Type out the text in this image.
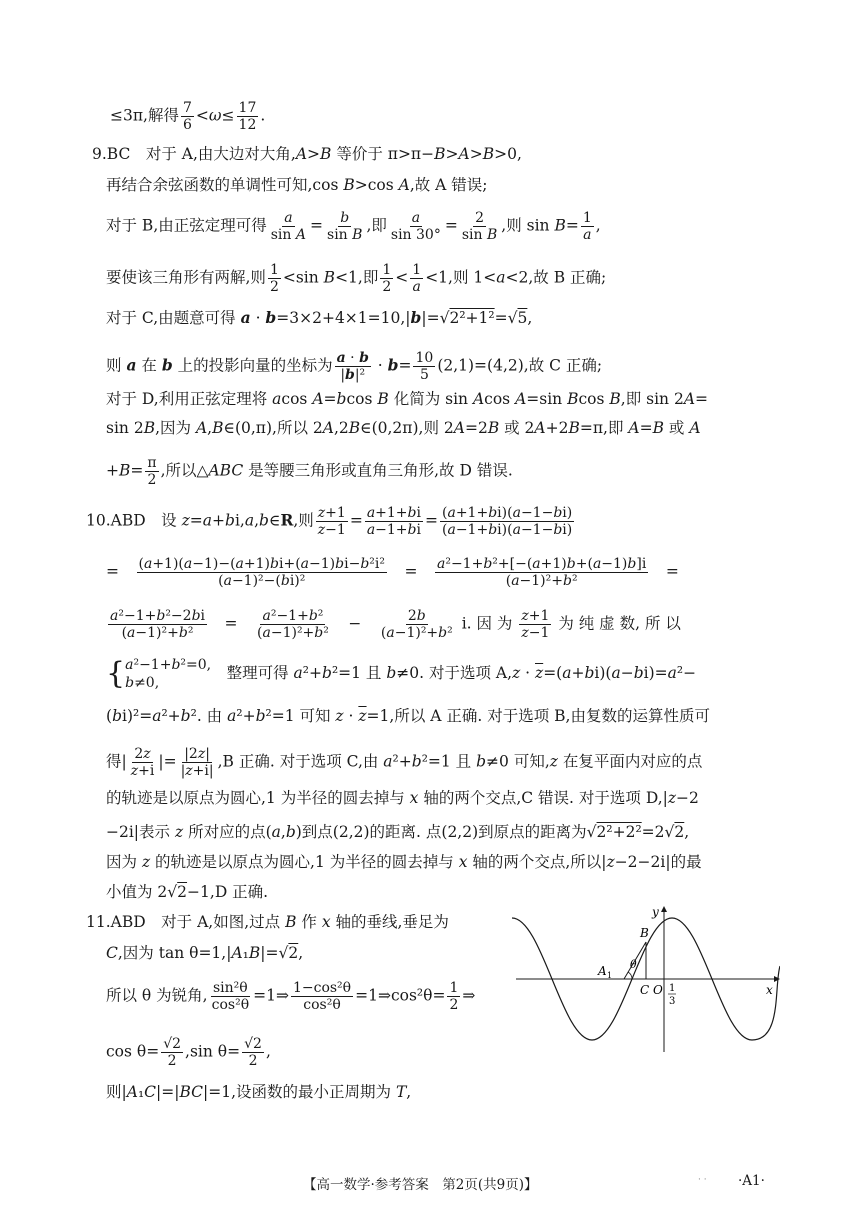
≤3π,解得 $\frac{7}{6} <\omega\le \frac{17}{12}$ .
9.BC　对于 A,由大边对大角,A>B 等价于 π>π−B>A>B>0,
再结合余弦函数的单调性可知,cos B>cos A,故 A 错误;
对于 B,由正弦定理可得 $\frac{a}{\text{sin A}} = \frac{b}{\text{sin B}}$ ,即 $\frac{a}{\sin 30^\circ} = \frac{2}{\text{sin B}}$ ,则 $\sin B= \frac{1}{a}$ ,
要使该三角形有两解,则 $\frac{1}{2} <\sin$ B<1,即 $\frac{1}{2} < \frac{1}{a} <1$,则 1<a<2,故 B 正确;
对于 C,由题意可得 a · b=3×2+4×1=10,|b|=√2²+1²=√5,
则 a 在 b 上的投影向量的坐标为 $\frac{a \cdot b}{\text{|b|²}} \cdot b= \frac{10}{5} (2,1)=(4,2)$,故 C 正确;
对于 D,利用正弦定理将 acos A=bcos B 化简为 sin Acos A=sin Bcos B,即 sin 2A=
sin 2B,因为 A,B∈(0,π),所以 2A,2B∈(0,2π),则 2A=2B 或 2A+2B=π,即 A=B 或 A
$+B= \frac{\pi}{2}$ ,所以△ABC 是等腰三角形或直角三角形,故 D 错误.
10.ABD　设 z=a+bi,a,b∈R,则 $\frac{z+1}{z-1} = \frac{a+1+bi}{a-1+bi} = \frac{(a+1+bi)(a-1-bi)}{(a-1+bi)(a-1-bi)}$
=　 $\frac{\text{(a+1)(a−1)−(a+1)bi+(a−1)bi−b²i²}}{\text{(a−1)²−(bi)²}}$ 　=　 $\frac{\text{a²−1+b²+[−(a+1)b+(a−1)b]i}}{\text{(a−1)²+b²}}$ 　=
$\frac{\text{a²−1+b²−2bi}}{\text{(a−1)²+b²}}$ 　=　 $\frac{\text{a²−1+b²}}{\text{(a−1)²+b²}}$ 　−　 $\frac{2b}{\text{(a−1)²+b²}} i$. 因 为 $\frac{z+1}{z-1}$ 为 纯 虚 数, 所 以
{ a²−1+b²=0,
b≠0,
　整理可得 a²+b²=1 且 b≠0. 对于选项 $A,z \cdot \overline{z}=(a+bi)(a-bi)=a^2-$
(bi)²=a²+b². 由 a²+b²=1 可知 $z \cdot \overline{z}=1$,所以 A 正确. 对于选项 B,由复数的运算性质可
得| $\frac{2z}{z+i}$ |= $\frac{|2z|}{|z+i|} ,B$ 正确. 对于选项 C,由 a²+b²=1 且 b≠0 可知,z 在复平面内对应的点
的轨迹是以原点为圆心,1 为半径的圆去掉与 x 轴的两个交点,C 错误. 对于选项 D,|z−2
−2i|表示 z 所对应的点(a,b)到点(2,2)的距离. 点(2,2)到原点的距离为√2²+2²=2√2,
因为 z 的轨迹是以原点为圆心,1 为半径的圆去掉与 x 轴的两个交点,所以|z−2−2i|的最
小值为 2√2−1,D 正确.
11.ABD　对于 A,如图,过点 B 作 x 轴的垂线,垂足为
C,因为 tan θ=1,|A₁B|=√2,
所以 θ 为锐角, $\frac{\text{sin²θ}}{\text{cos²θ}}$ =1⇒ $\frac{\text{1−cos²θ}}{\text{cos²θ}}$ =1⇒cos²θ= $\frac{1}{2}$ ⇒
$\cos \theta= \frac{√2}{2} ,\sin$ $\theta= \frac{√2}{2}$ ,
则|A₁C|=|BC|=1,设函数的最小正周期为 T,
y
x
B
A 1
θ
C O 1
3
【高一数学·参考答案　第2页(共9页)】	· · ·A1·
